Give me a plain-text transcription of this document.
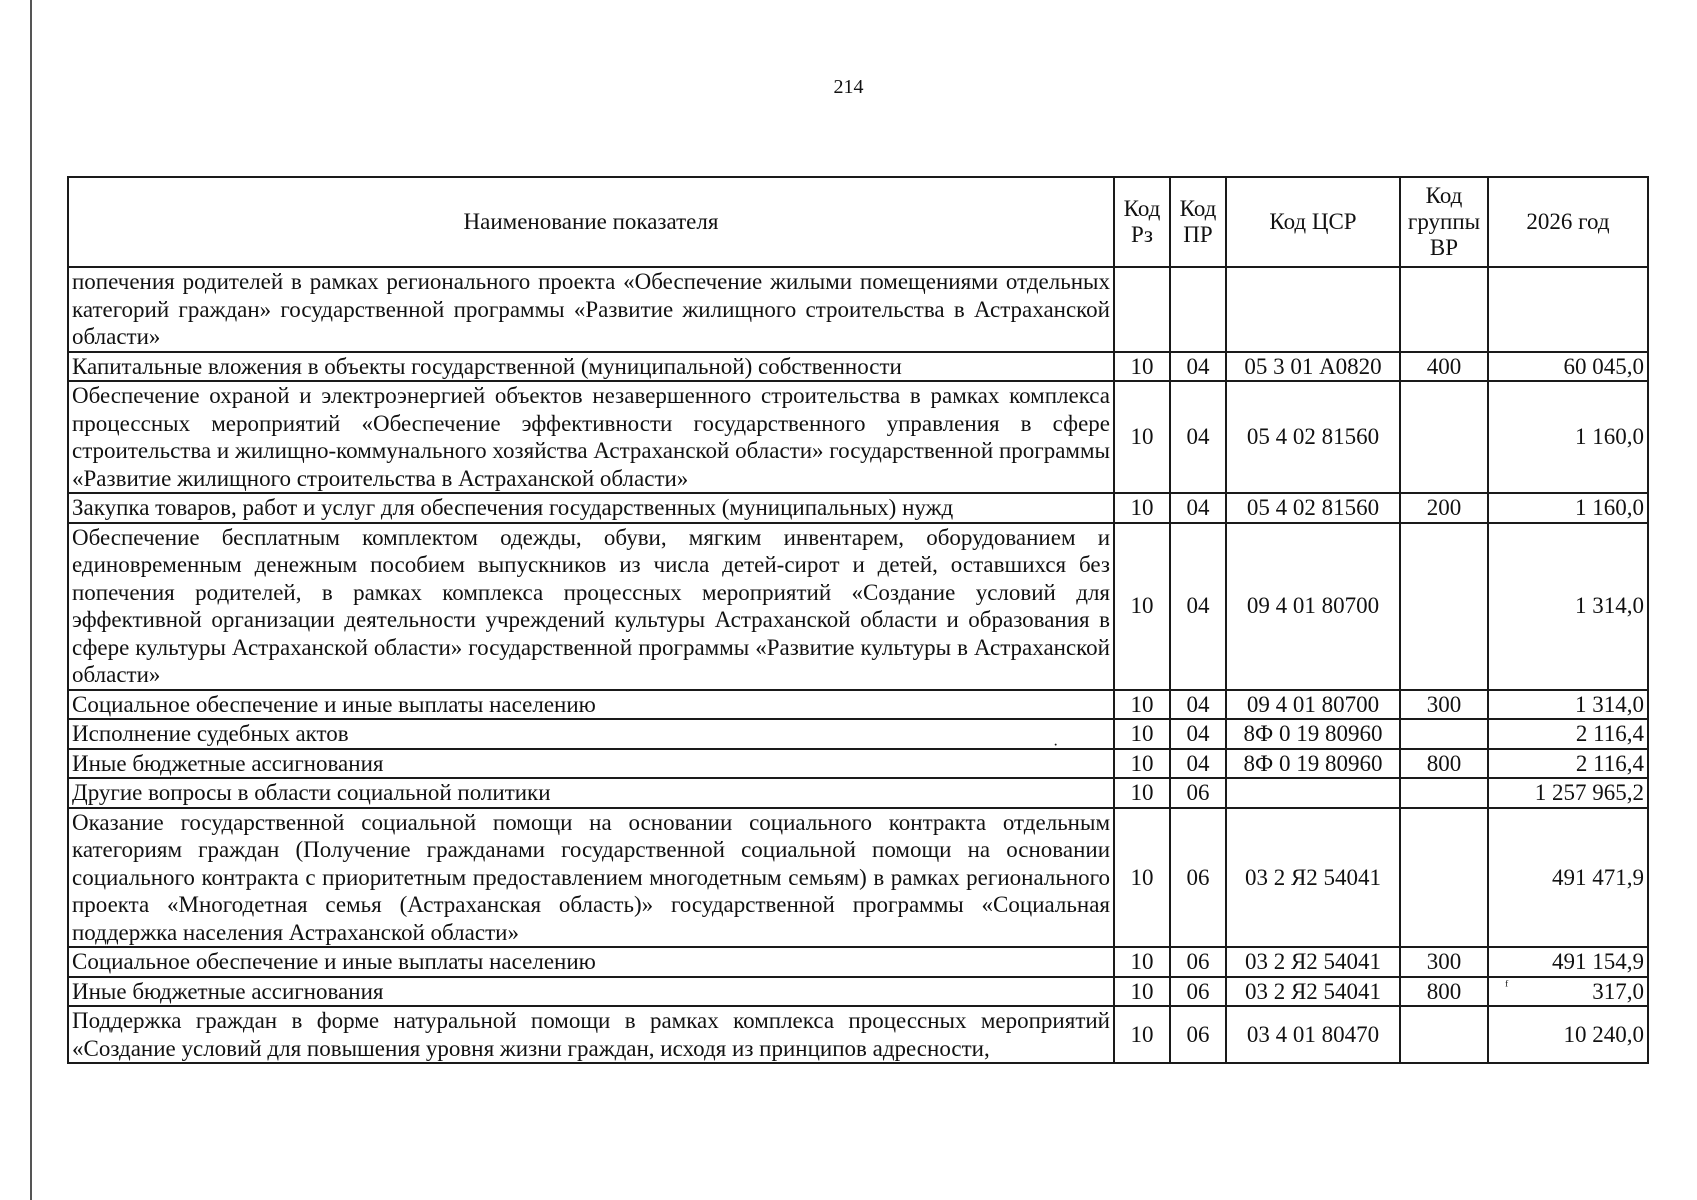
214
Наименование показателя	Код Рз	Код ПР	Код ЦСР	Код группы ВР	2026 год
попечения родителей в рамках регионального проекта «Обеспечение жилыми помещениями отдельных категорий граждан» государственной программы «Развитие жилищного строительства в Астраханской области»					
Капитальные вложения в объекты государственной (муниципальной) собственности	10	04	05 3 01 А0820	400	60 045,0
Обеспечение охраной и электроэнергией объектов незавершенного строительства в рамках комплекса процессных мероприятий «Обеспечение эффективности государственного управления в сфере строительства и жилищно-коммунального хозяйства Астраханской области» государственной программы «Развитие жилищного строительства в Астраханской области»	10	04	05 4 02 81560		1 160,0
Закупка товаров, работ и услуг для обеспечения государственных (муниципальных) нужд	10	04	05 4 02 81560	200	1 160,0
Обеспечение бесплатным комплектом одежды, обуви, мягким инвентарем, оборудованием и единовременным денежным пособием выпускников из числа детей-сирот и детей, оставшихся без попечения родителей, в рамках комплекса процессных мероприятий «Создание условий для эффективной организации деятельности учреждений культуры Астраханской области и образования в сфере культуры Астраханской области» государственной программы «Развитие культуры в Астраханской области»	10	04	09 4 01 80700		1 314,0
Социальное обеспечение и иные выплаты населению	10	04	09 4 01 80700	300	1 314,0
Исполнение судебных актов	10	04	8Ф 0 19 80960		2 116,4
Иные бюджетные ассигнования	10	04	8Ф 0 19 80960	800	2 116,4
Другие вопросы в области социальной политики	10	06			1 257 965,2
Оказание государственной социальной помощи на основании социального контракта отдельным категориям граждан (Получение гражданами государственной социальной помощи на основании социального контракта с приоритетным предоставлением многодетным семьям) в рамках регионального проекта «Многодетная семья (Астраханская область)» государственной программы «Социальная поддержка населения Астраханской области»	10	06	03 2 Я2 54041		491 471,9
Социальное обеспечение и иные выплаты населению	10	06	03 2 Я2 54041	300	491 154,9
Иные бюджетные ассигнования	10	06	03 2 Я2 54041	800	317,0
Поддержка граждан в форме натуральной помощи в рамках комплекса процессных мероприятий «Создание условий для повышения уровня жизни граждан, исходя из принципов адресности,	10	06	03 4 01 80470		10 240,0
·
ᶠ
